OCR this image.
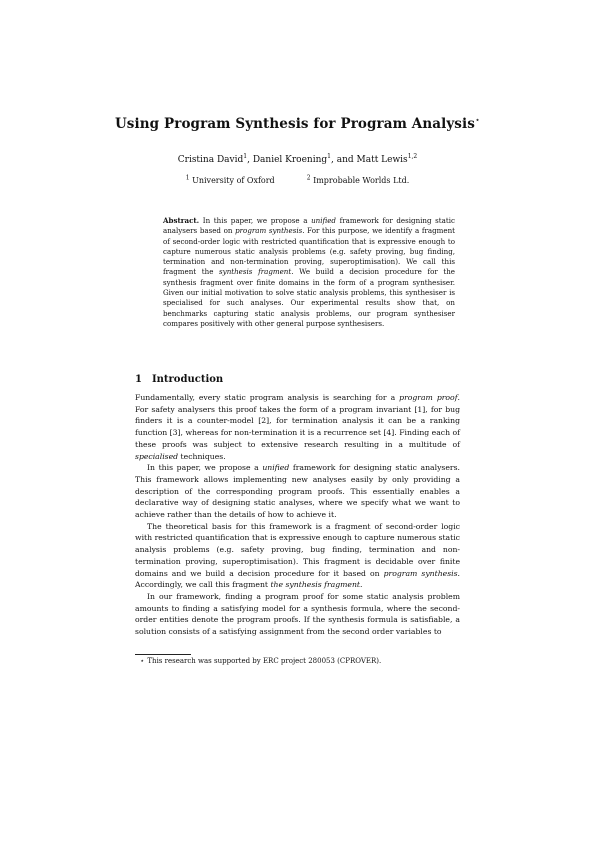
Using Program Synthesis for Program Analysis⋆
Cristina David$^1$, Daniel Kroening$^1$, and Matt Lewis$^{1,2}$
$^1$ University of Oxford	$^2$ Improbable Worlds Ltd.
Abstract. In this paper, we propose a unified framework for designing static analysers based on program synthesis. For this purpose, we identify a fragment of second-order logic with restricted quantification that is expressive enough to capture numerous static analysis problems (e.g. safety proving, bug finding, termination and non-termination proving, superoptimisation). We call this fragment the synthesis fragment. We build a decision procedure for the synthesis fragment over finite domains in the form of a program synthesiser. Given our initial motivation to solve static analysis problems, this synthesiser is specialised for such analyses. Our experimental results show that, on benchmarks capturing static analysis problems, our program synthesiser compares positively with other general purpose synthesisers.
1 Introduction

Fundamentally, every static program analysis is searching for a program proof. For safety analysers this proof takes the form of a program invariant [1], for bug finders it is a counter-model [2], for termination analysis it can be a ranking function [3], whereas for non-termination it is a recurrence set [4]. Finding each of these proofs was subject to extensive research resulting in a multitude of specialised techniques.

In this paper, we propose a unified framework for designing static analysers. This framework allows implementing new analyses easily by only providing a description of the corresponding program proofs. This essentially enables a declarative way of designing static analyses, where we specify what we want to achieve rather than the details of how to achieve it.

The theoretical basis for this framework is a fragment of second-order logic with restricted quantification that is expressive enough to capture numerous static analysis problems (e.g. safety proving, bug finding, termination and non-termination proving, superoptimisation). This fragment is decidable over finite domains and we build a decision procedure for it based on program synthesis. Accordingly, we call this fragment the synthesis fragment.

In our framework, finding a program proof for some static analysis problem amounts to finding a satisfying model for a synthesis formula, where the second-order entities denote the program proofs. If the synthesis formula is satisfiable, a solution consists of a satisfying assignment from the second order variables to

⋆ This research was supported by ERC project 280053 (CPROVER).
